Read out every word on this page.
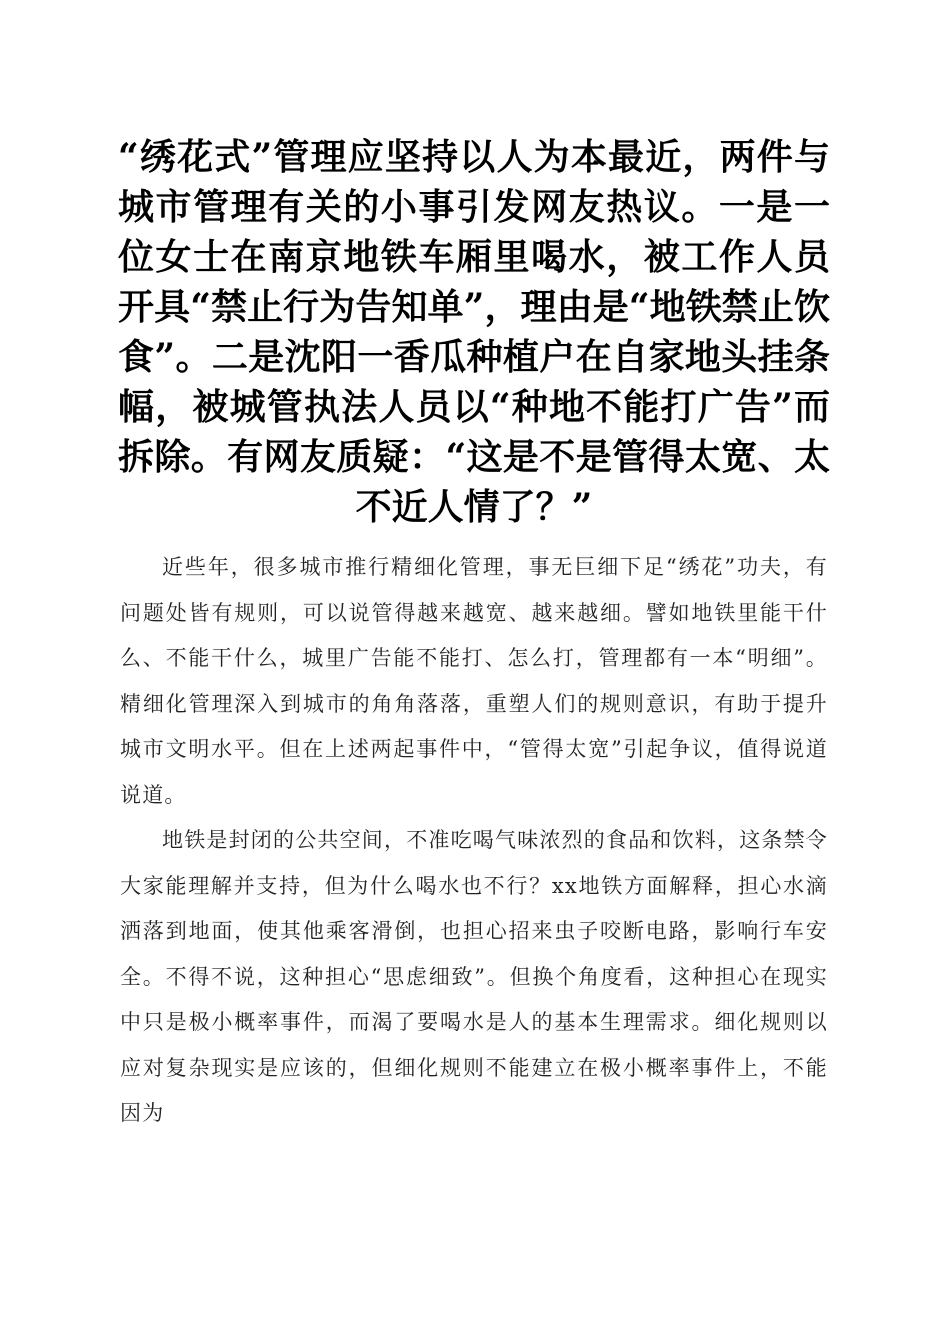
“绣花式”管理应坚持以人为本最近，两件与城市管理有关的小事引发网友热议。一是一位女士在南京地铁车厢里喝水，被工作人员开具“禁止行为告知单”，理由是“地铁禁止饮食”。二是沈阳一香瓜种植户在自家地头挂条幅，被城管执法人员以“种地不能打广告”而拆除。有网友质疑：“这是不是管得太宽、太不近人情了？”

近些年，很多城市推行精细化管理，事无巨细下足“绣花”功夫，有问题处皆有规则，可以说管得越来越宽、越来越细。譬如地铁里能干什么、不能干什么，城里广告能不能打、怎么打，管理都有一本“明细”。精细化管理深入到城市的角角落落，重塑人们的规则意识，有助于提升城市文明水平。但在上述两起事件中，“管得太宽”引起争议，值得说道说道。

地铁是封闭的公共空间，不准吃喝气味浓烈的食品和饮料，这条禁令大家能理解并支持，但为什么喝水也不行？xx地铁方面解释，担心水滴洒落到地面，使其他乘客滑倒，也担心招来虫子咬断电路，影响行车安全。不得不说，这种担心“思虑细致”。但换个角度看，这种担心在现实中只是极小概率事件，而渴了要喝水是人的基本生理需求。细化规则以应对复杂现实是应该的，但细化规则不能建立在极小概率事件上，不能因为
